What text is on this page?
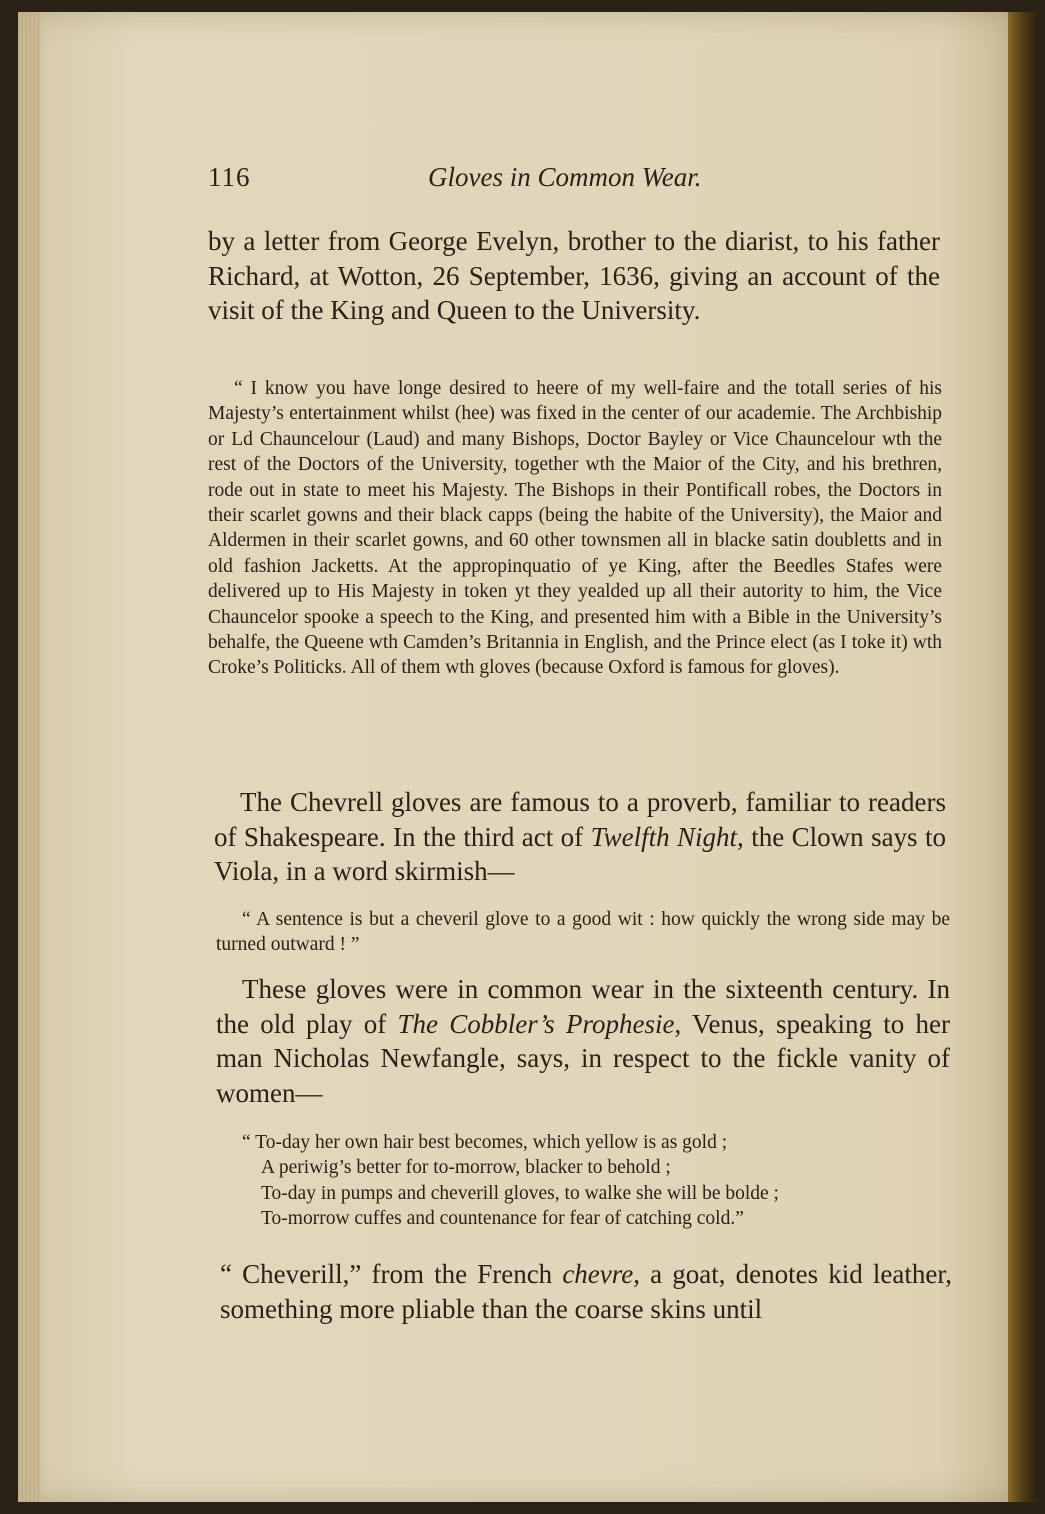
116	Gloves in Common Wear.
by a letter from George Evelyn, brother to the diarist, to his father Richard, at Wotton, 26 September, 1636, giving an account of the visit of the King and Queen to the University.
“ I know you have longe desired to heere of my well-faire and the totall series of his Majesty’s entertainment whilst (hee) was fixed in the center of our academie. The Archbiship or Ld Chauncelour (Laud) and many Bishops, Doctor Bayley or Vice Chauncelour wth the rest of the Doctors of the University, together wth the Maior of the City, and his brethren, rode out in state to meet his Majesty. The Bishops in their Pontificall robes, the Doctors in their scarlet gowns and their black capps (being the habite of the University), the Maior and Aldermen in their scarlet gowns, and 60 other townsmen all in blacke satin doubletts and in old fashion Jacketts. At the appropinquatio of ye King, after the Beedles Stafes were delivered up to His Majesty in token yt they yealded up all their autority to him, the Vice Chauncelor spooke a speech to the King, and presented him with a Bible in the University’s behalfe, the Queene wth Camden’s Britannia in English, and the Prince elect (as I toke it) wth Croke’s Politicks. All of them wth gloves (because Oxford is famous for gloves).
The Chevrell gloves are famous to a proverb, familiar to readers of Shakespeare. In the third act of Twelfth Night, the Clown says to Viola, in a word skirmish—
“ A sentence is but a cheveril glove to a good wit : how quickly the wrong side may be turned outward ! ”
These gloves were in common wear in the sixteenth century. In the old play of The Cobbler’s Prophesie, Venus, speaking to her man Nicholas Newfangle, says, in respect to the fickle vanity of women—
“ To-day her own hair best becomes, which yellow is as gold ;
A periwig’s better for to-morrow, blacker to behold ;
To-day in pumps and cheverill gloves, to walke she will be bolde ;
To-morrow cuffes and countenance for fear of catching cold.”
“ Cheverill,” from the French chevre, a goat, denotes kid leather, something more pliable than the coarse skins until
